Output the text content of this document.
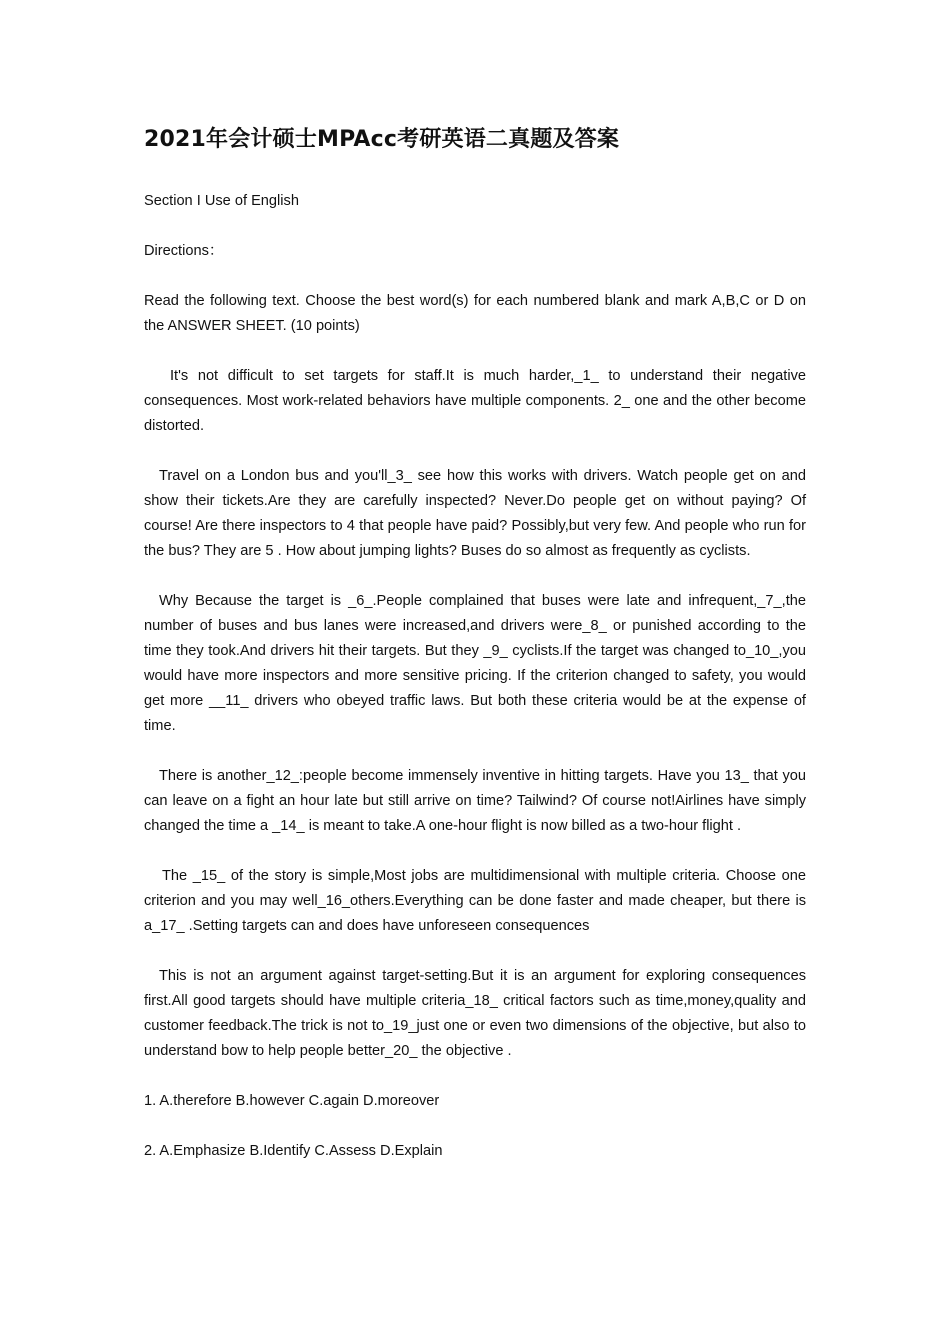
2021年会计硕士MPAcc考研英语二真题及答案
Section I Use of English
Directions：
Read the following text. Choose the best word(s) for each numbered blank and mark A,B,C or D on the ANSWER SHEET. (10 points)
It's not difficult to set targets for staff.It is much harder,_1_ to understand their negative consequences. Most work-related behaviors have multiple components. 2_ one and the other become distorted.
Travel on a London bus and you'll_3_ see how this works with drivers. Watch people get on and show their tickets.Are they are carefully inspected? Never.Do people get on without paying? Of course! Are there inspectors to 4 that people have paid? Possibly,but very few. And people who run for the bus? They are 5 . How about jumping lights? Buses do so almost as frequently as cyclists.
Why Because the target is _6_.People complained that buses were late and infrequent,_7_,the number of buses and bus lanes were increased,and drivers were_8_ or punished according to the time they took.And drivers hit their targets. But they _9_ cyclists.If the target was changed to_10_,you would have more inspectors and more sensitive pricing. If the criterion changed to safety, you would get more __11_ drivers who obeyed traffic laws. But both these criteria would be at the expense of time.
There is another_12_:people become immensely inventive in hitting targets. Have you 13_ that you can leave on a fight an hour late but still arrive on time? Tailwind? Of course not!Airlines have simply changed the time a _14_ is meant to take.A one-hour flight is now billed as a two-hour flight .
The _15_ of the story is simple,Most jobs are multidimensional with multiple criteria. Choose one criterion and you may well_16_others.Everything can be done faster and made cheaper, but there is a_17_ .Setting targets can and does have unforeseen consequences
This is not an argument against target-setting.But it is an argument for exploring consequences first.All good targets should have multiple criteria_18_ critical factors such as time,money,quality and customer feedback.The trick is not to_19_just one or even two dimensions of the objective, but also to understand bow to help people better_20_ the objective .
1. A.therefore B.however C.again D.moreover
2. A.Emphasize B.Identify C.Assess D.Explain
